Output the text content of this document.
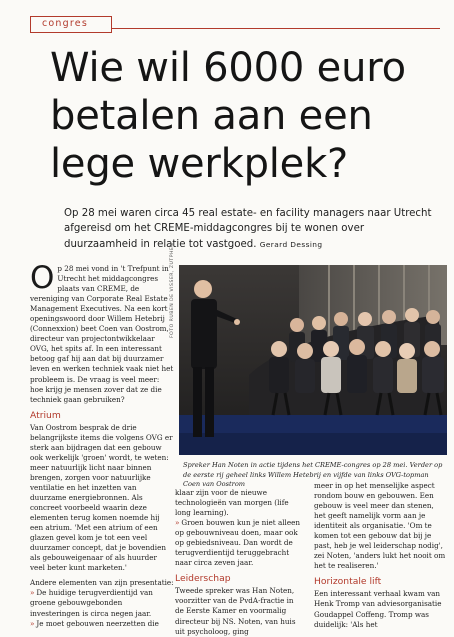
congres
Wie wil 6000 euro betalen aan een lege werkplek?

Op 28 mei waren circa 45 real estate- en facility managers naar Utrecht afgereisd om het CREME-middagcongres bij te wonen over duurzaamheid in relatie tot vastgoed. Gerard Dessing

Op 28 mei vond in 't Trefpunt in Utrecht het middagcongres plaats van CREME, de vereniging van Corporate Real Estate Management Executives. Na een kort openingswoord door Willem Hetebrij (Connexxion) beet Coen van Oostrom, directeur van projectontwikkelaar OVG, het spits af. In een interessant betoog gaf hij aan dat bij duurzamer leven en werken techniek vaak niet het probleem is. De vraag is veel meer: hoe krijg je mensen zover dat ze die techniek gaan gebruiken?

Atrium

Van Oostrom besprak de drie belangrijkste items die volgens OVG er sterk aan bijdragen dat een gebouw ook werkelijk 'groen' wordt, te weten: meer natuurlijk licht naar binnen brengen, zorgen voor natuurlijke ventilatie en het inzetten van duurzame energiebronnen. Als concreet voorbeeld waarin deze elementen terug komen noemde hij een atrium. 'Met een atrium of een glazen gevel kom je tot een veel duurzamer concept, dat je bovendien als gebouweigenaar of als huurder veel beter kunt marketen.'

Andere elementen van zijn presentatie:

» De huidige terugverdientijd van groene gebouwgebonden investeringen is circa negen jaar.

» Je moet gebouwen neerzetten die

FOTO RUBEN DE VISSER, ZUTPHEN

Spreker Han Noten in actie tijdens het CREME-congres op 28 mei. Verder op de eerste rij geheel links Willem Hetebrij en vijfde van links OVG-topman Coen van Oostrom

klaar zijn voor de nieuwe technologieën van morgen (life long learning).

» Groen bouwen kun je niet alleen op gebouwniveau doen, maar ook op gebiedsniveau. Dan wordt de terugverdientijd teruggebracht naar circa zeven jaar.

Leiderschap

Tweede spreker was Han Noten, voorzitter van de PvdA-fractie in de Eerste Kamer en voormalig directeur bij NS. Noten, van huis uit psycholoog, ging

meer in op het menselijke aspect rondom bouw en gebouwen. Een gebouw is veel meer dan stenen, het geeft namelijk vorm aan je identiteit als organisatie. 'Om te komen tot een gebouw dat bij je past, heb je wel leiderschap nodig', zei Noten, 'anders lukt het nooit om het te realiseren.'

Horizontale lift

Een interessant verhaal kwam van Henk Tromp van adviesorganisatie Goudappel Coffeng. Tromp was duidelijk: 'Als het
